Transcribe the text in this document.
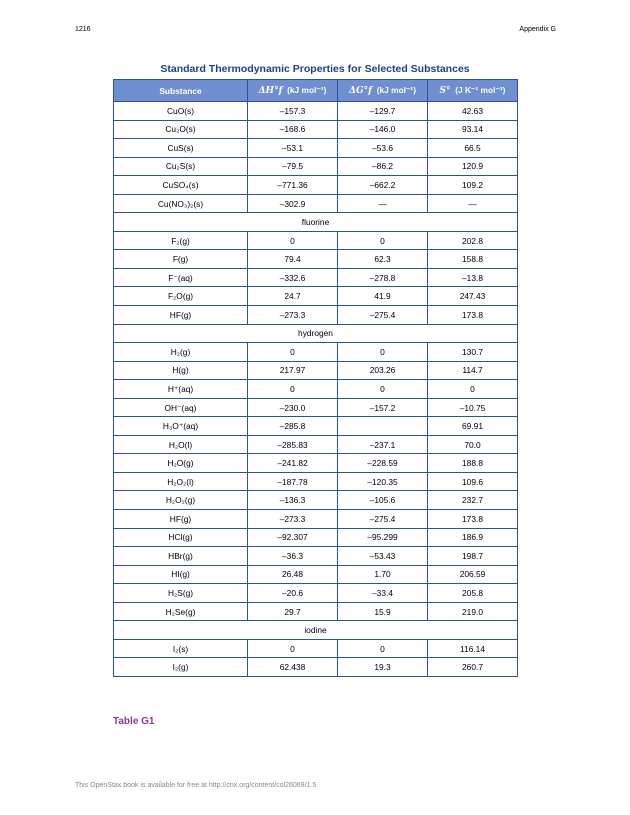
1216	Appendix G
Standard Thermodynamic Properties for Selected Substances
Substance	ΔH°f (kJ mol⁻¹)	ΔG°f (kJ mol⁻¹)	S° (J K⁻¹ mol⁻¹)
CuO(s)	–157.3	–129.7	42.63
Cu₂O(s)	–168.6	–146.0	93.14
CuS(s)	–53.1	–53.6	66.5
Cu₂S(s)	–79.5	–86.2	120.9
CuSO₄(s)	–771.36	–662.2	109.2
Cu(NO₃)₂(s)	–302.9	—	—
fluorine			
F₂(g)	0	0	202.8
F(g)	79.4	62.3	158.8
F⁻(aq)	–332.6	–278.8	–13.8
F₂O(g)	24.7	41.9	247.43
HF(g)	–273.3	–275.4	173.8
hydrogen			
H₂(g)	0	0	130.7
H(g)	217.97	203.26	114.7
H⁺(aq)	0	0	0
OH⁻(aq)	–230.0	–157.2	–10.75
H₃O⁺(aq)	–285.8		69.91
H₂O(l)	–285.83	–237.1	70.0
H₂O(g)	–241.82	–228.59	188.8
H₂O₂(l)	–187.78	–120.35	109.6
H₂O₂(g)	–136.3	–105.6	232.7
HF(g)	–273.3	–275.4	173.8
HCl(g)	–92.307	–95.299	186.9
HBr(g)	–36.3	–53.43	198.7
HI(g)	26.48	1.70	206.59
H₂S(g)	–20.6	–33.4	205.8
H₂Se(g)	29.7	15.9	219.0
iodine			
I₂(s)	0	0	116.14
I₂(g)	62.438	19.3	260.7
Table G1
This OpenStax book is available for free at http://cnx.org/content/col26069/1.5
